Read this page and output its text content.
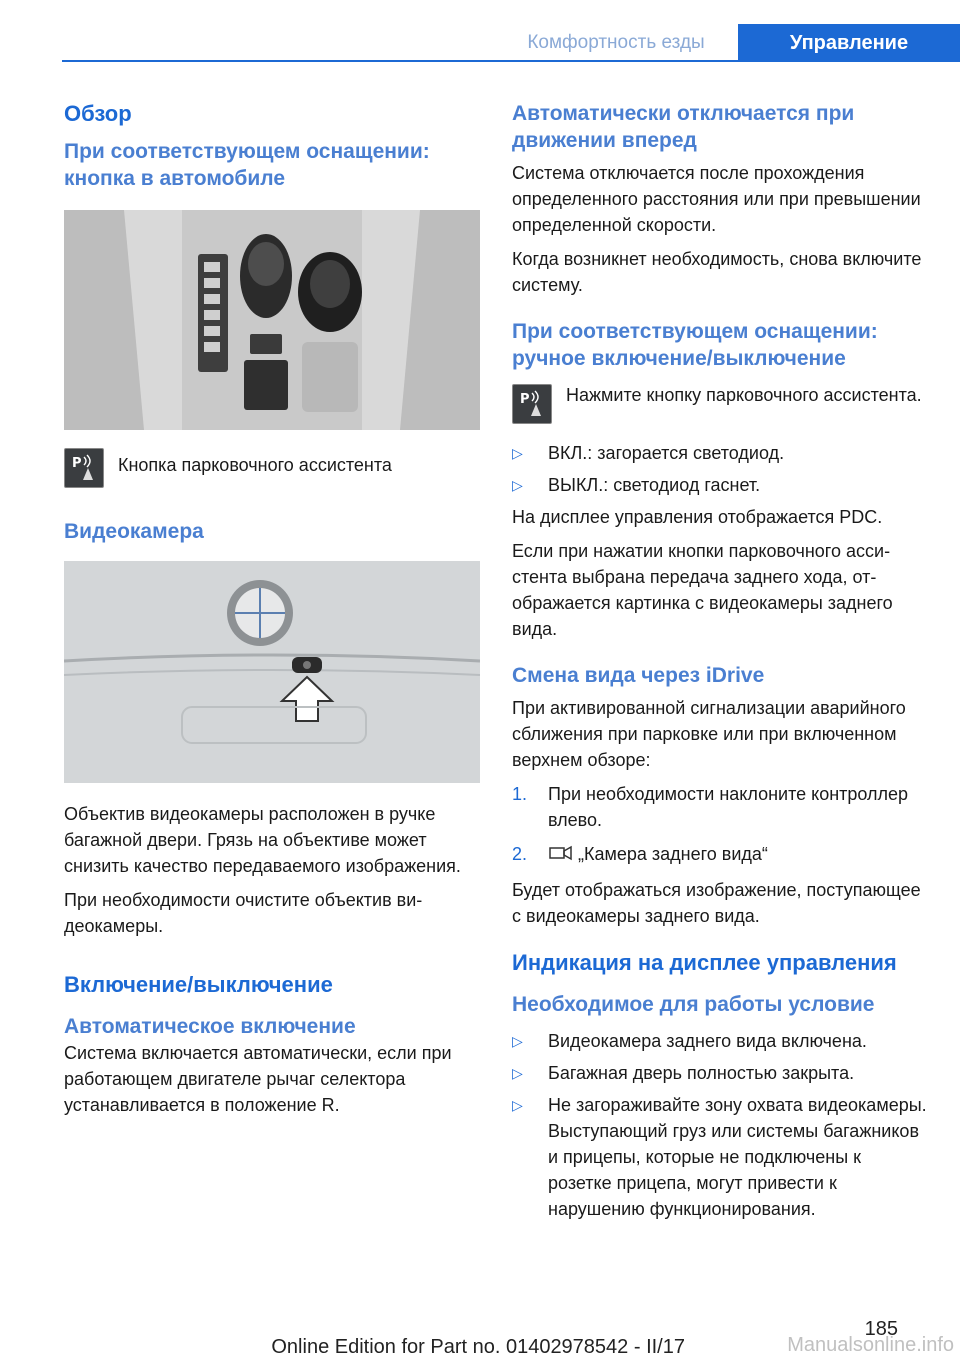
Комфортность езды	Управление
Обзор
При соответствующем оснащении: кнопка в автомобиле
P Кнопка парковочного ассистента

Видеокамера

Объектив видеокамеры расположен в ручке багажной двери. Грязь на объективе может снизить качество передаваемого изображения.

При необходимости очистите объектив видеокамеры.

Включение/выключение
Автоматическое включение

Система включается автоматически, если при работающем двигателе рычаг селектора устанавливается в положение R.

Автоматически отключается при движении вперед

Система отключается после прохождения определенного расстояния или при превышении определенной скорости.

Когда возникнет необходимость, снова включите систему.

При соответствующем оснащении: ручное включение/выключение
P Нажмите кнопку парковочного ассистента.

▷ ВКЛ.: загорается светодиод.
▷ ВЫКЛ.: светодиод гаснет.

На дисплее управления отображается PDC.

Если при нажатии кнопки парковочного ассистента выбрана передача заднего хода, отображается картинка с видеокамеры заднего вида.

Смена вида через iDrive

При активированной сигнализации аварийного сближения при парковке или при включенном верхнем обзоре:

1. При необходимости наклоните контроллер влево.
2.	„Камера заднего вида“

Будет отображаться изображение, поступающее с видеокамеры заднего вида.

Индикация на дисплее управления
Необходимое для работы условие
▷ Видеокамера заднего вида включена.
▷ Багажная дверь полностью закрыта.
▷ Не загораживайте зону охвата видеокамеры. Выступающий груз или системы багажников и прицепы, которые не подключены к розетке прицепа, могут привести к нарушению функционирования.
185
Online Edition for Part no. 01402978542 - II/17	Manualsonline.info
